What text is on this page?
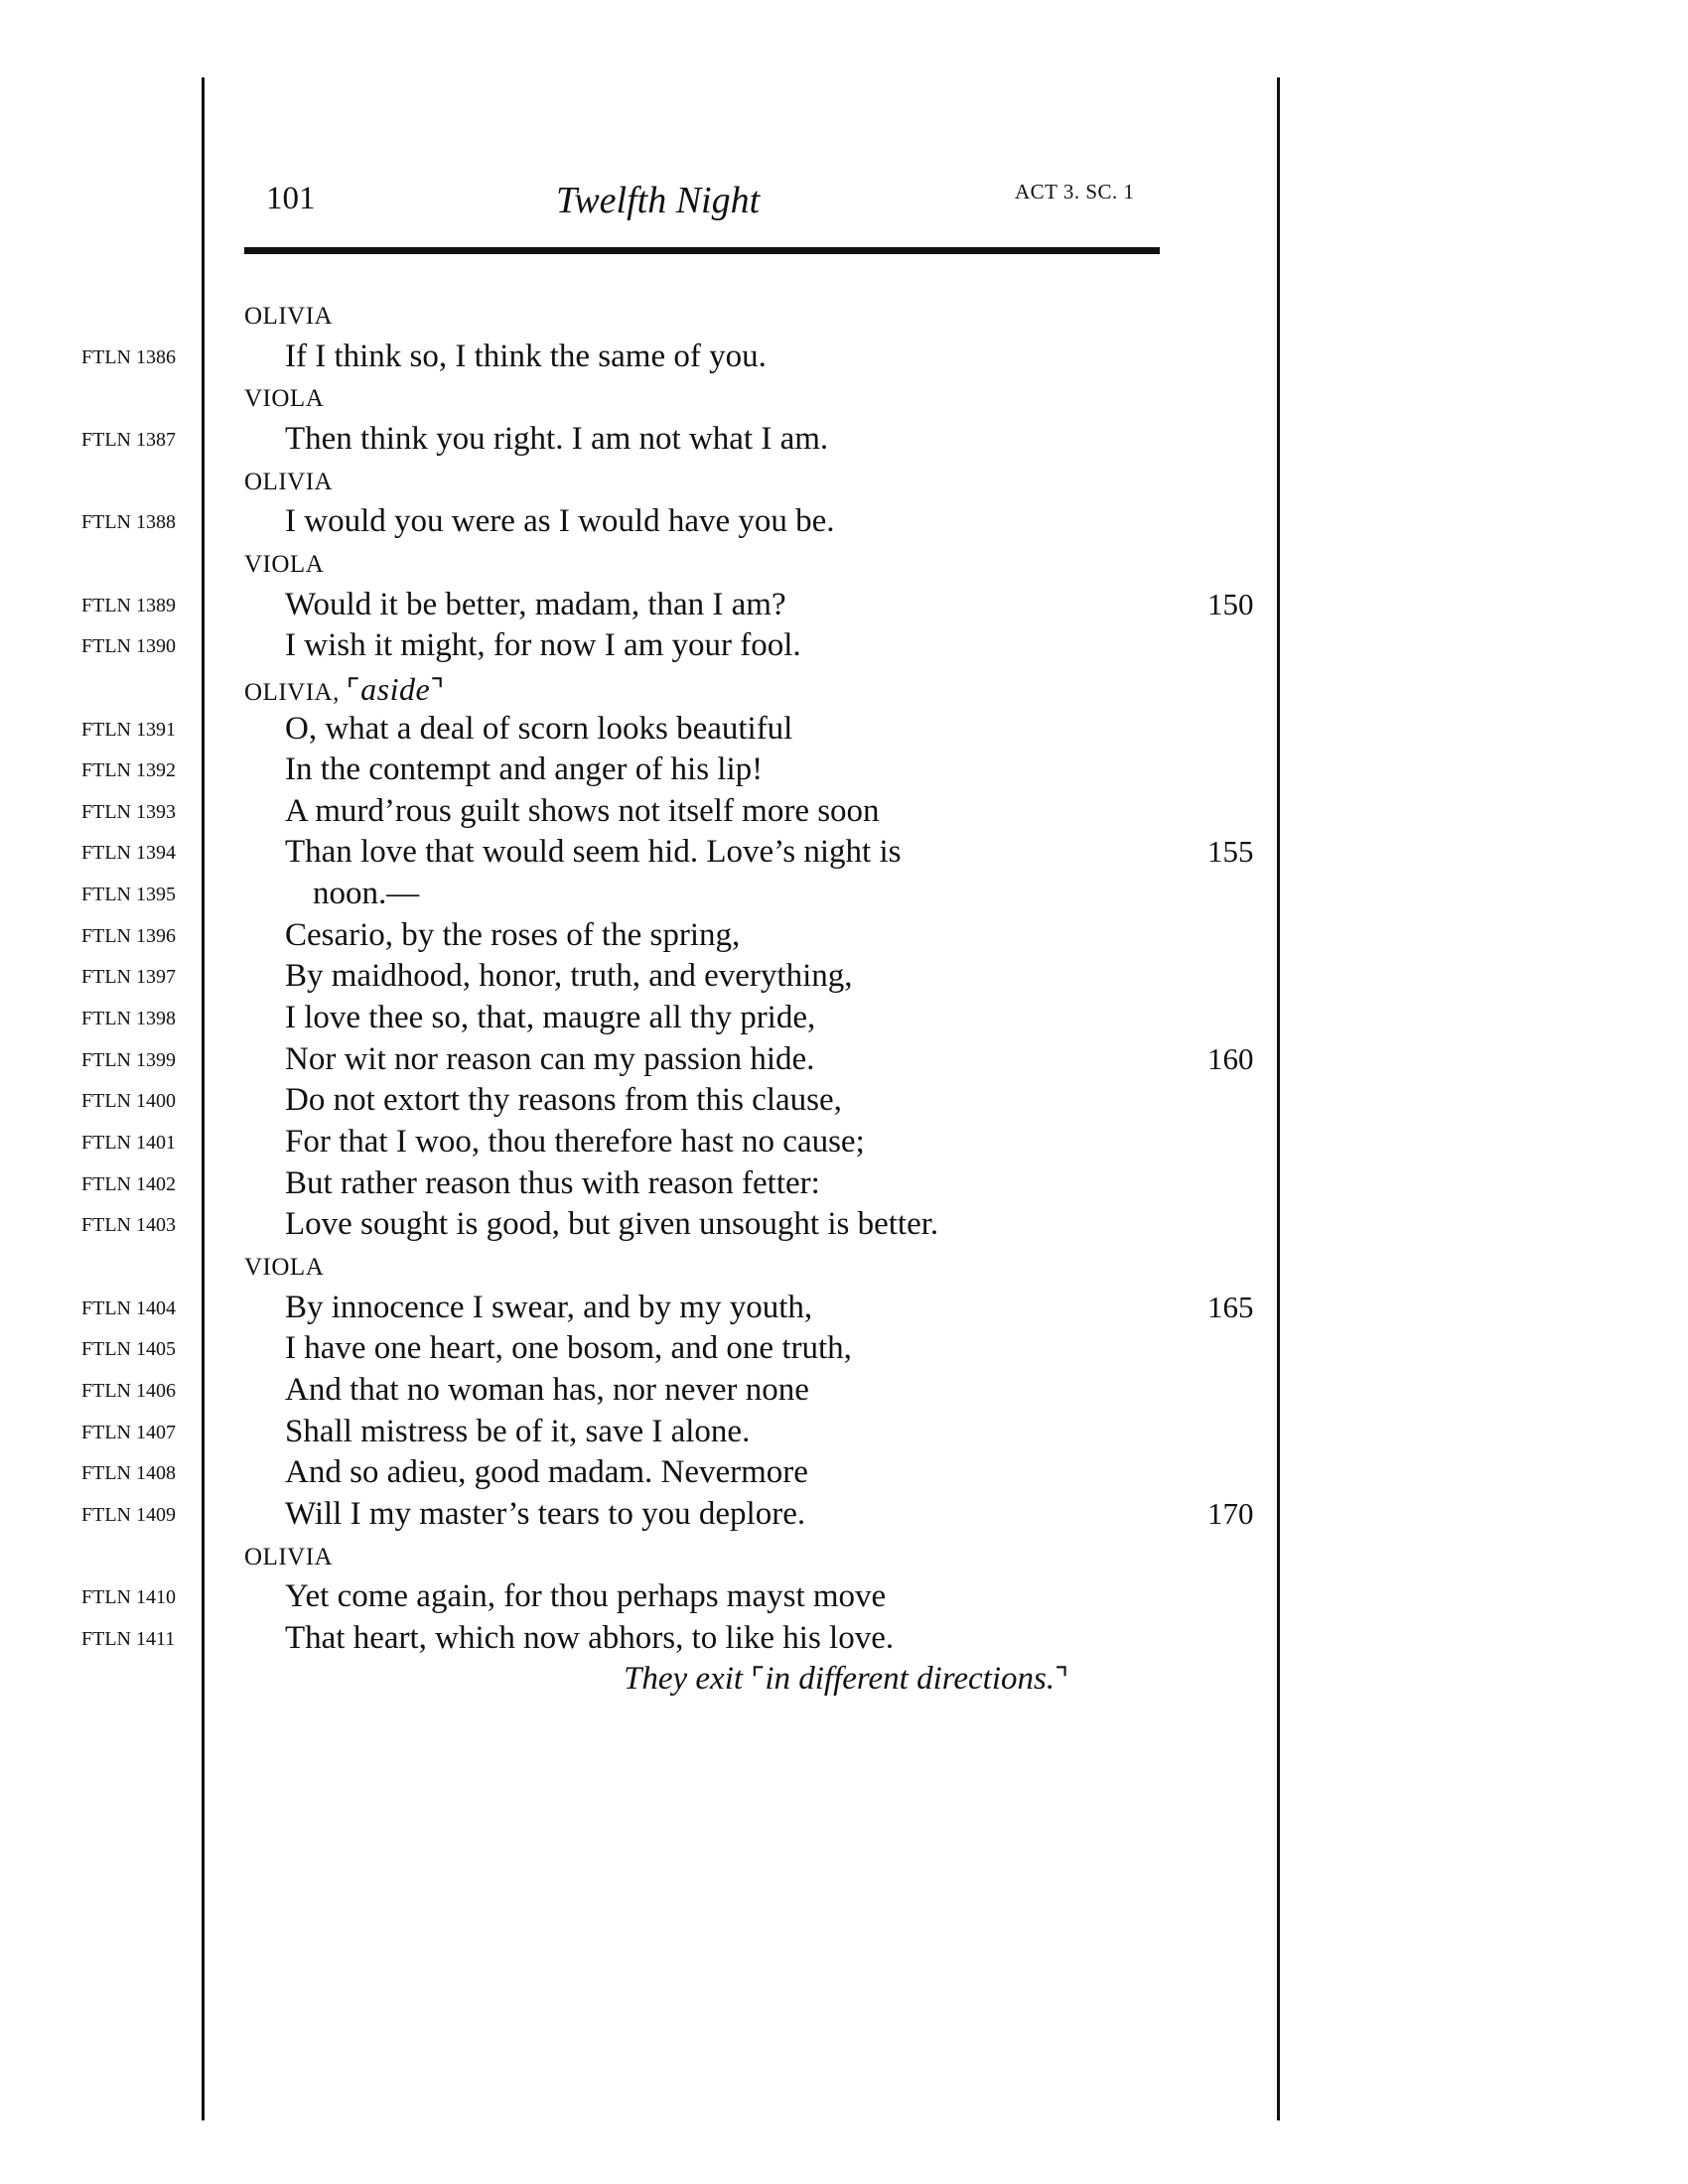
101	Twelfth Night	ACT 3. SC. 1
OLIVIA
FTLN 1386	If I think so, I think the same of you.
VIOLA
FTLN 1387	Then think you right. I am not what I am.
OLIVIA
FTLN 1388	I would you were as I would have you be.
VIOLA
FTLN 1389	Would it be better, madam, than I am?	150
FTLN 1390	I wish it might, for now I am your fool.
OLIVIA, ⌜aside⌝
FTLN 1391	O, what a deal of scorn looks beautiful
FTLN 1392	In the contempt and anger of his lip!
FTLN 1393	A murd’rous guilt shows not itself more soon
FTLN 1394	Than love that would seem hid. Love’s night is	155
FTLN 1395	noon.—
FTLN 1396	Cesario, by the roses of the spring,
FTLN 1397	By maidhood, honor, truth, and everything,
FTLN 1398	I love thee so, that, maugre all thy pride,
FTLN 1399	Nor wit nor reason can my passion hide.	160
FTLN 1400	Do not extort thy reasons from this clause,
FTLN 1401	For that I woo, thou therefore hast no cause;
FTLN 1402	But rather reason thus with reason fetter:
FTLN 1403	Love sought is good, but given unsought is better.
VIOLA
FTLN 1404	By innocence I swear, and by my youth,	165
FTLN 1405	I have one heart, one bosom, and one truth,
FTLN 1406	And that no woman has, nor never none
FTLN 1407	Shall mistress be of it, save I alone.
FTLN 1408	And so adieu, good madam. Nevermore
FTLN 1409	Will I my master’s tears to you deplore.	170
OLIVIA
FTLN 1410	Yet come again, for thou perhaps mayst move
FTLN 1411	That heart, which now abhors, to like his love.
They exit ⌜in different directions.⌝
